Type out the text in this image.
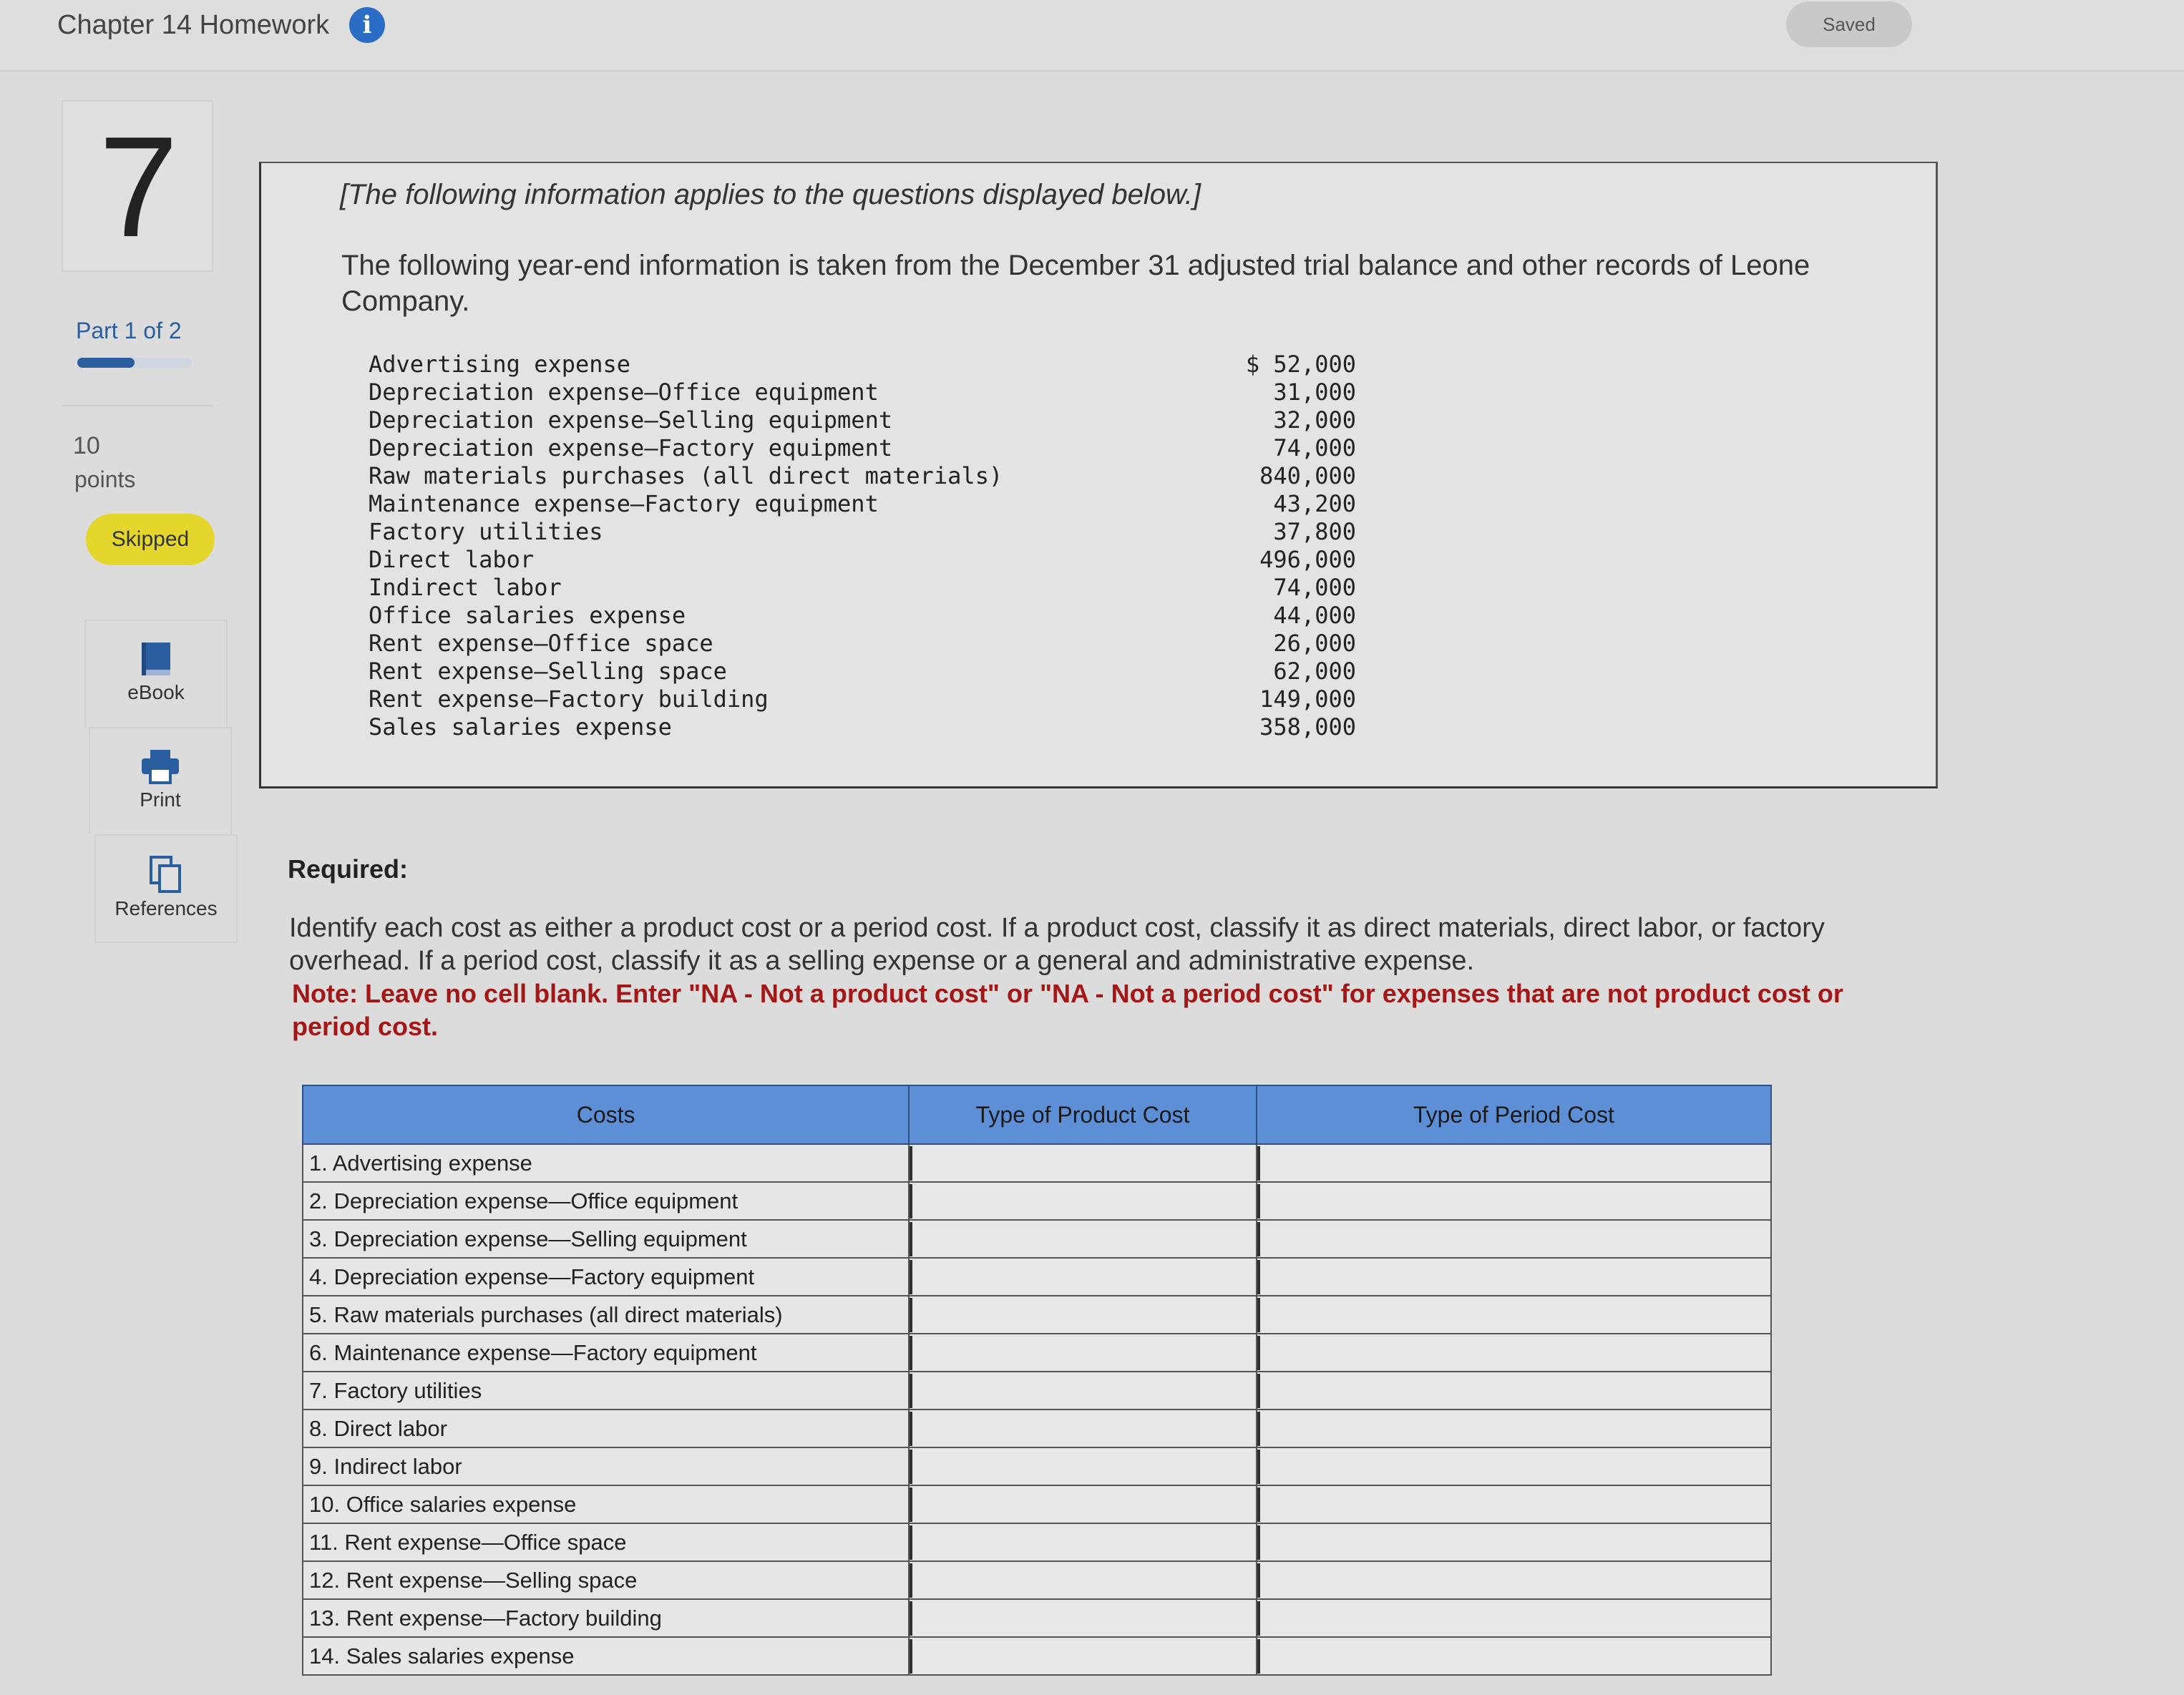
Chapter 14 Homework	i	Saved
7
Part 1 of 2
10
points
Skipped
eBook
Print
References
[The following information applies to the questions displayed below.]
The following year-end information is taken from the December 31 adjusted trial balance and other records of Leone Company.
Advertising expense	$ 52,000
Depreciation expense—Office equipment	31,000
Depreciation expense—Selling equipment	32,000
Depreciation expense—Factory equipment	74,000
Raw materials purchases (all direct materials)	840,000
Maintenance expense—Factory equipment	43,200
Factory utilities	37,800
Direct labor	496,000
Indirect labor	74,000
Office salaries expense	44,000
Rent expense—Office space	26,000
Rent expense—Selling space	62,000
Rent expense—Factory building	149,000
Sales salaries expense	358,000
Required:
Identify each cost as either a product cost or a period cost. If a product cost, classify it as direct materials, direct labor, or factory overhead. If a period cost, classify it as a selling expense or a general and administrative expense.
Note: Leave no cell blank. Enter "NA - Not a product cost" or "NA - Not a period cost" for expenses that are not product cost or period cost.
Costs	Type of Product Cost	Type of Period Cost
1. Advertising expense	

2. Depreciation expense—Office equipment	

3. Depreciation expense—Selling equipment	

4. Depreciation expense—Factory equipment	

5. Raw materials purchases (all direct materials)	

6. Maintenance expense—Factory equipment	

7. Factory utilities	

8. Direct labor	

9. Indirect labor	

10. Office salaries expense	

11. Rent expense—Office space	

12. Rent expense—Selling space	

13. Rent expense—Factory building	

14. Sales salaries expense	
